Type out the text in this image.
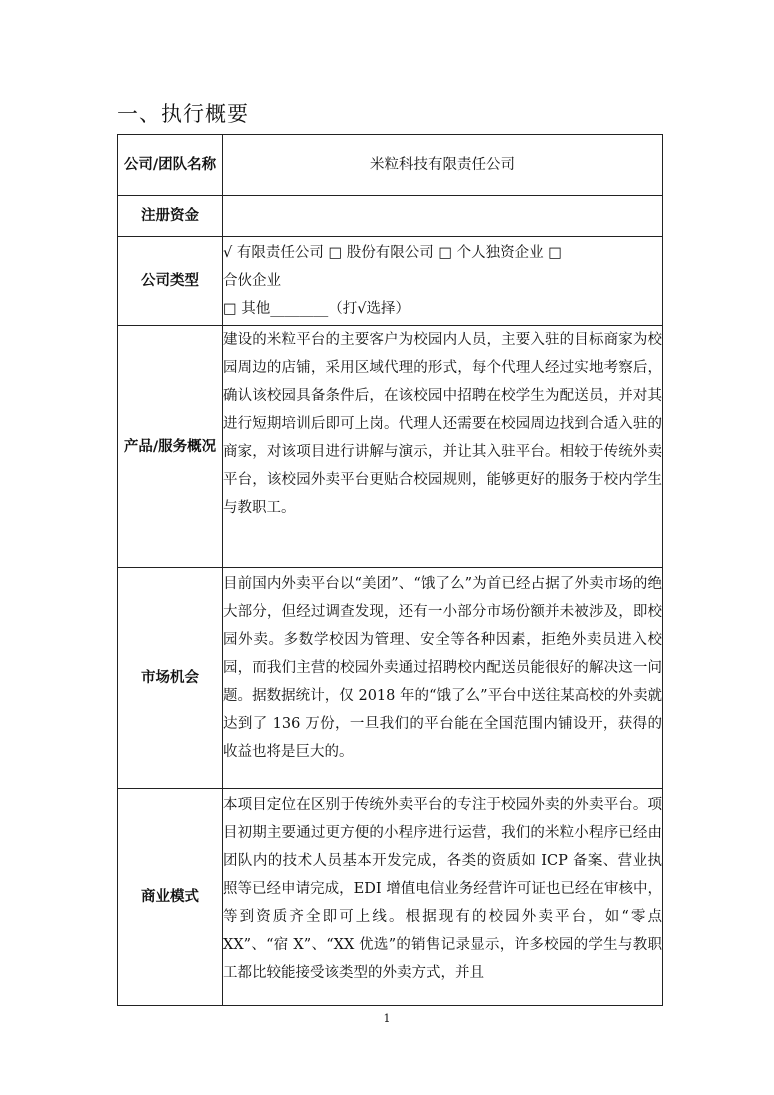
一、执行概要
公司/团队名称	米粒科技有限责任公司
注册资金	
公司类型	√ 有限责任公司 □ 股份有限公司 □ 个人独资企业 □
合伙企业
□ 其他________（打√选择）

产品/服务概况	建设的米粒平台的主要客户为校园内人员，主要入驻的目标商家为校园周边的店铺，采用区域代理的形式，每个代理人经过实地考察后，确认该校园具备条件后，在该校园中招聘在校学生为配送员，并对其进行短期培训后即可上岗。代理人还需要在校园周边找到合适入驻的商家，对该项目进行讲解与演示，并让其入驻平台。相较于传统外卖平台，该校园外卖平台更贴合校园规则，能够更好的服务于校内学生与教职工。
市场机会	目前国内外卖平台以“美团”、“饿了么”为首已经占据了外卖市场的绝大部分，但经过调查发现，还有一小部分市场份额并未被涉及，即校园外卖。多数学校因为管理、安全等各种因素，拒绝外卖员进入校园，而我们主营的校园外卖通过招聘校内配送员能很好的解决这一问题。据数据统计，仅 2018 年的“饿了么”平台中送往某高校的外卖就达到了 136 万份，一旦我们的平台能在全国范围内铺设开，获得的收益也将是巨大的。
商业模式	本项目定位在区别于传统外卖平台的专注于校园外卖的外卖平台。项目初期主要通过更方便的小程序进行运营，我们的米粒小程序已经由团队内的技术人员基本开发完成，各类的资质如 ICP 备案、营业执照等已经申请完成，EDI 增值电信业务经营许可证也已经在审核中，等到资质齐全即可上线。根据现有的校园外卖平台，如“零点 XX”、“宿 X”、“XX 优选”的销售记录显示，许多校园的学生与教职工都比较能接受该类型的外卖方式，并且
1
